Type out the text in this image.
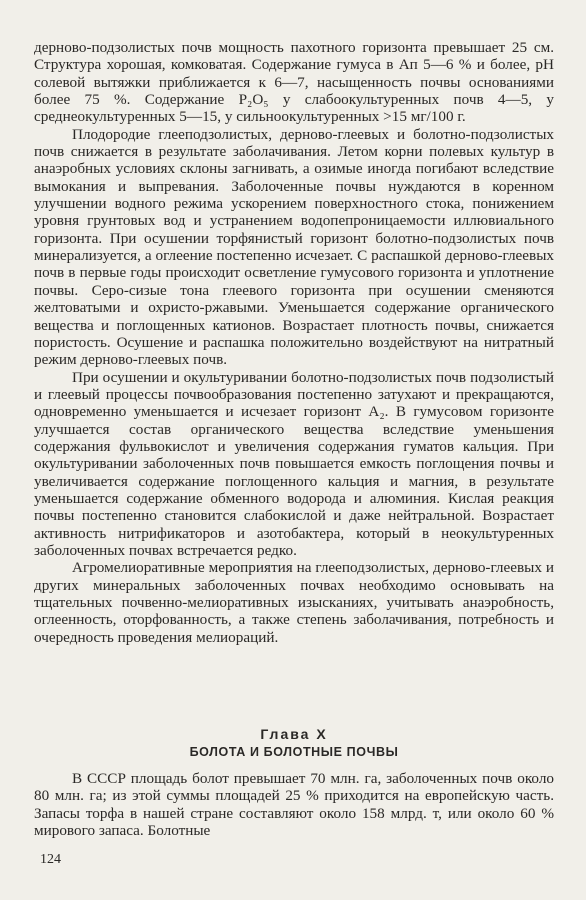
дерново-подзолистых почв мощность пахотного горизонта превышает 25 см. Структура хорошая, комковатая. Содержание гумуса в Aп 5—6 % и более, pH солевой вытяжки приближается к 6—7, насыщенность почвы основаниями более 75 %. Содержание P₂O₅ у слабоокультуренных почв 4—5, у среднеокультуренных 5—15, у сильноокультуренных >15 мг/100 г.

Плодородие глееподзолистых, дерново-глеевых и болотно-подзолистых почв снижается в результате заболачивания. Летом корни полевых культур в анаэробных условиях склоны загнивать, а озимые иногда погибают вследствие вымокания и выпревания. Заболоченные почвы нуждаются в коренном улучшении водного режима ускорением поверхностного стока, понижением уровня грунтовых вод и устранением водопепроницаемости иллювиального горизонта. При осушении торфянистый горизонт болотно-подзолистых почв минерализуется, а оглеение постепенно исчезает. С распашкой дерново-глеевых почв в первые годы происходит осветление гумусового горизонта и уплотнение почвы. Серо-сизые тона глеевого горизонта при осушении сменяются желтоватыми и охристо-ржавыми. Уменьшается содержание органического вещества и поглощенных катионов. Возрастает плотность почвы, снижается пористость. Осушение и распашка положительно воздействуют на нитратный режим дерново-глеевых почв.

При осушении и окультуривании болотно-подзолистых почв подзолистый и глеевый процессы почвообразования постепенно затухают и прекращаются, одновременно уменьшается и исчезает горизонт A₂. В гумусовом горизонте улучшается состав органического вещества вследствие уменьшения содержания фульвокислот и увеличения содержания гуматов кальция. При окультуривании заболоченных почв повышается емкость поглощения почвы и увеличивается содержание поглощенного кальция и магния, в результате уменьшается содержание обменного водорода и алюминия. Кислая реакция почвы постепенно становится слабокислой и даже нейтральной. Возрастает активность нитрификаторов и азотобактера, который в неокультуренных заболоченных почвах встречается редко.

Агромелиоративные мероприятия на глееподзолистых, дерново-глеевых и других минеральных заболоченных почвах необходимо основывать на тщательных почвенно-мелиоративных изысканиях, учитывать анаэробность, оглеенность, оторфованность, а также степень заболачивания, потребность и очередность проведения мелиораций.

Глава X
БОЛОТА И БОЛОТНЫЕ ПОЧВЫ

В СССР площадь болот превышает 70 млн. га, заболоченных почв около 80 млн. га; из этой суммы площадей 25 % приходится на европейскую часть. Запасы торфа в нашей стране составляют около 158 млрд. т, или около 60 % мирового запаса. Болотные

124
